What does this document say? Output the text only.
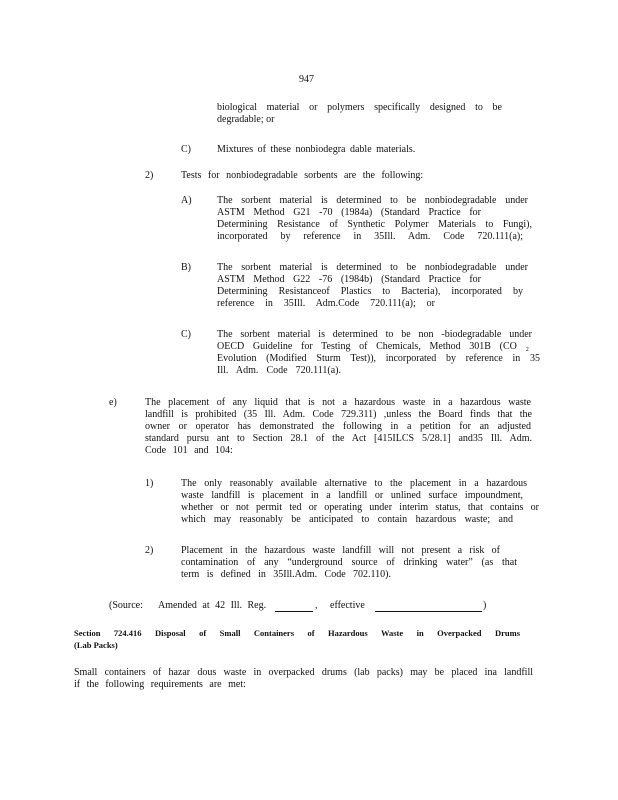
947
biological material or polymers specifically designed to be
degradable; or
C)	Mixtures of these nonbiodegra dable materials.
2)	Tests for nonbiodegradable sorbents are the following:
A)	The sorbent material is determined to be nonbiodegradable under
ASTM Method G21 -70 (1984a) (Standard Practice for
Determining Resistance of Synthetic Polymer Materials to Fungi),
incorporated by reference in 35Ill. Adm. Code 720.111(a);
B)	The sorbent material is determined to be nonbiodegradable under
ASTM Method G22 -76 (1984b) (Standard Practice for
Determining Resistanceof Plastics to Bacteria), incorporated by
reference in 35Ill. Adm.Code 720.111(a); or
C)	The sorbent material is determined to be non -biodegradable under
OECD Guideline for Testing of Chemicals, Method 301B (CO ₂
Evolution (Modified Sturm Test)), incorporated by reference in 35
Ill. Adm. Code 720.111(a).
e)	The placement of any liquid that is not a hazardous waste in a hazardous waste
landfill is prohibited (35 Ill. Adm. Code 729.311) ,unless the Board finds that the
owner or operator has demonstrated the following in a petition for an adjusted
standard pursu ant to Section 28.1 of the Act [415ILCS 5/28.1] and35 Ill. Adm.
Code 101 and 104:
1)	The only reasonably available alternative to the placement in a hazardous
waste landfill is placement in a landfill or unlined surface impoundment,
whether or not permit ted or operating under interim status, that contains or
which may reasonably be anticipated to contain hazardous waste; and
2)	Placement in the hazardous waste landfill will not present a risk of
contamination of any “underground source of drinking water” (as that
term is defined in 35Ill.Adm. Code 702.110).
(Source: Amended at 42 Ill. Reg.	, effective	)
Section 724.416 Disposal of Small Containers of Hazardous Waste in Overpacked Drums
(Lab Packs)
Small containers of hazar dous waste in overpacked drums (lab packs) may be placed ina landfill
if the following requirements are met:
